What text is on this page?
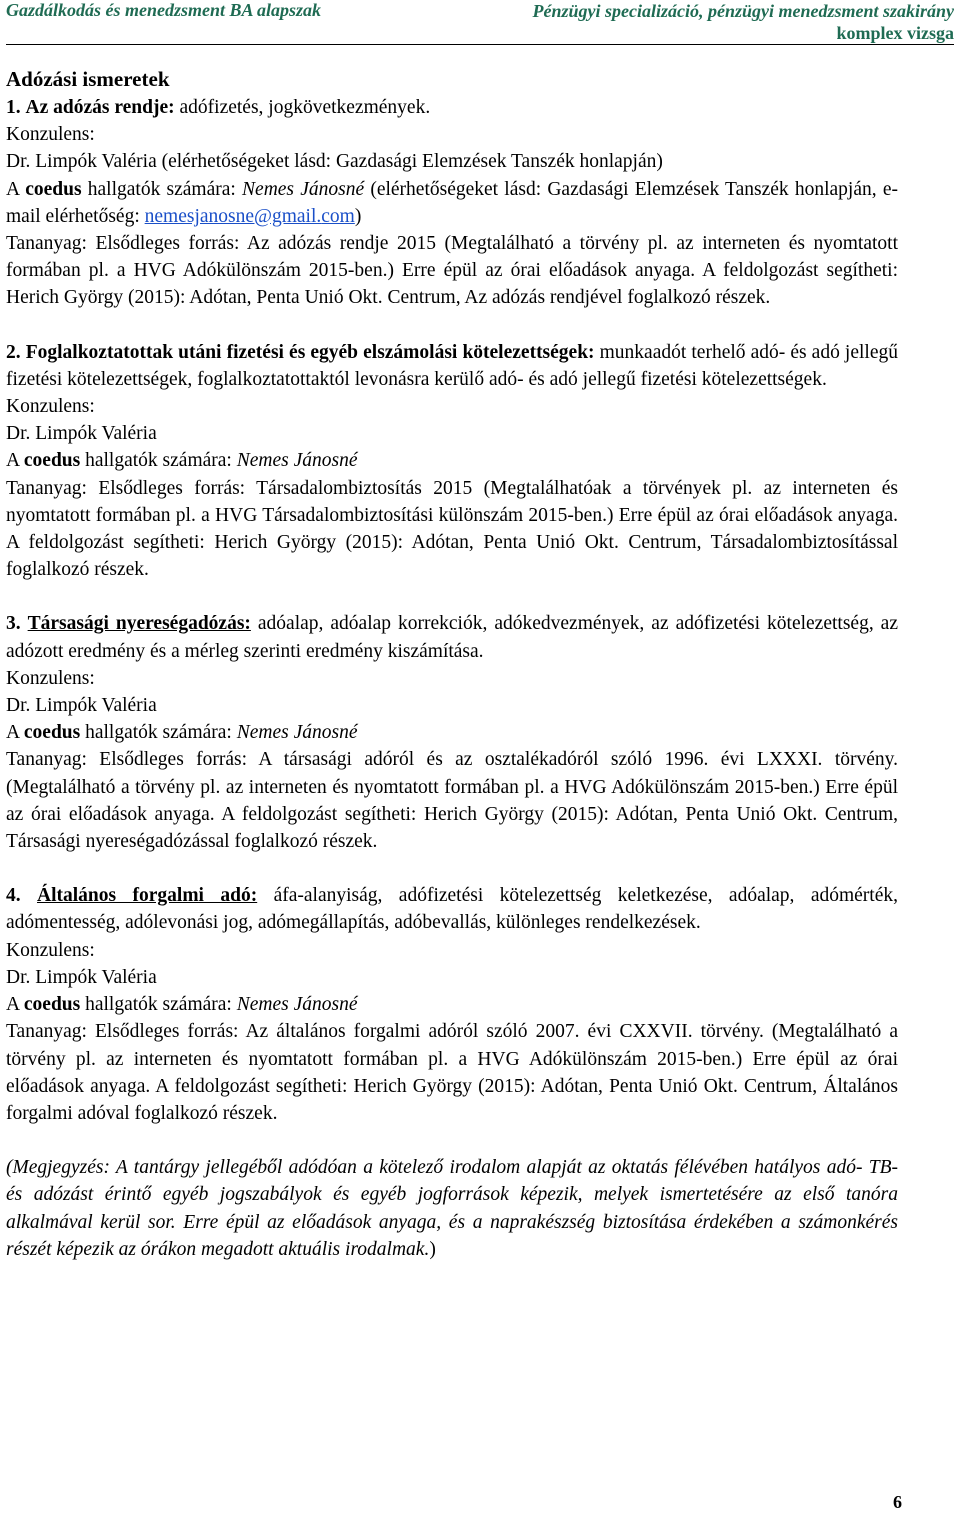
Gazdálkodás és menedzsment BA alapszak	Pénzügyi specializáció, pénzügyi menedzsment szakirány
komplex vizsga

Adózási ismeretek

1. Az adózás rendje: adófizetés, jogkövetkezmények.

Konzulens:

Dr. Limpók Valéria (elérhetőségeket lásd: Gazdasági Elemzések Tanszék honlapján)

A coedus hallgatók számára: Nemes Jánosné (elérhetőségeket lásd: Gazdasági Elemzések Tanszék honlapján, e-mail elérhetőség: nemesjanosne@gmail.com)

Tananyag: Elsődleges forrás: Az adózás rendje 2015 (Megtalálható a törvény pl. az interneten és nyomtatott formában pl. a HVG Adókülönszám 2015-ben.) Erre épül az órai előadások anyaga. A feldolgozást segítheti: Herich György (2015): Adótan, Penta Unió Okt. Centrum, Az adózás rendjével foglalkozó részek.

2. Foglalkoztatottak utáni fizetési és egyéb elszámolási kötelezettségek: munkaadót terhelő adó- és adó jellegű fizetési kötelezettségek, foglalkoztatottaktól levonásra kerülő adó- és adó jellegű fizetési kötelezettségek.

Konzulens:

Dr. Limpók Valéria

A coedus hallgatók számára: Nemes Jánosné

Tananyag: Elsődleges forrás: Társadalombiztosítás 2015 (Megtalálhatóak a törvények pl. az interneten és nyomtatott formában pl. a HVG Társadalombiztosítási különszám 2015-ben.) Erre épül az órai előadások anyaga. A feldolgozást segítheti: Herich György (2015): Adótan, Penta Unió Okt. Centrum, Társadalombiztosítással foglalkozó részek.

3. Társasági nyereségadózás: adóalap, adóalap korrekciók, adókedvezmények, az adófizetési kötelezettség, az adózott eredmény és a mérleg szerinti eredmény kiszámítása.

Konzulens:

Dr. Limpók Valéria

A coedus hallgatók számára: Nemes Jánosné

Tananyag: Elsődleges forrás: A társasági adóról és az osztalékadóról szóló 1996. évi LXXXI. törvény. (Megtalálható a törvény pl. az interneten és nyomtatott formában pl. a HVG Adókülönszám 2015-ben.) Erre épül az órai előadások anyaga. A feldolgozást segítheti: Herich György (2015): Adótan, Penta Unió Okt. Centrum, Társasági nyereségadózással foglalkozó részek.

4. Általános forgalmi adó: áfa-alanyiság, adófizetési kötelezettség keletkezése, adóalap, adómérték, adómentesség, adólevonási jog, adómegállapítás, adóbevallás, különleges rendelkezések.

Konzulens:

Dr. Limpók Valéria

A coedus hallgatók számára: Nemes Jánosné

Tananyag: Elsődleges forrás: Az általános forgalmi adóról szóló 2007. évi CXXVII. törvény. (Megtalálható a törvény pl. az interneten és nyomtatott formában pl. a HVG Adókülönszám 2015-ben.) Erre épül az órai előadások anyaga. A feldolgozást segítheti: Herich György (2015): Adótan, Penta Unió Okt. Centrum, Általános forgalmi adóval foglalkozó részek.

(Megjegyzés: A tantárgy jellegéből adódóan a kötelező irodalom alapját az oktatás félévében hatályos adó- TB- és adózást érintő egyéb jogszabályok és egyéb jogforrások képezik, melyek ismertetésére az első tanóra alkalmával kerül sor. Erre épül az előadások anyaga, és a naprakészség biztosítása érdekében a számonkérés részét képezik az órákon megadott aktuális irodalmak.)

6
